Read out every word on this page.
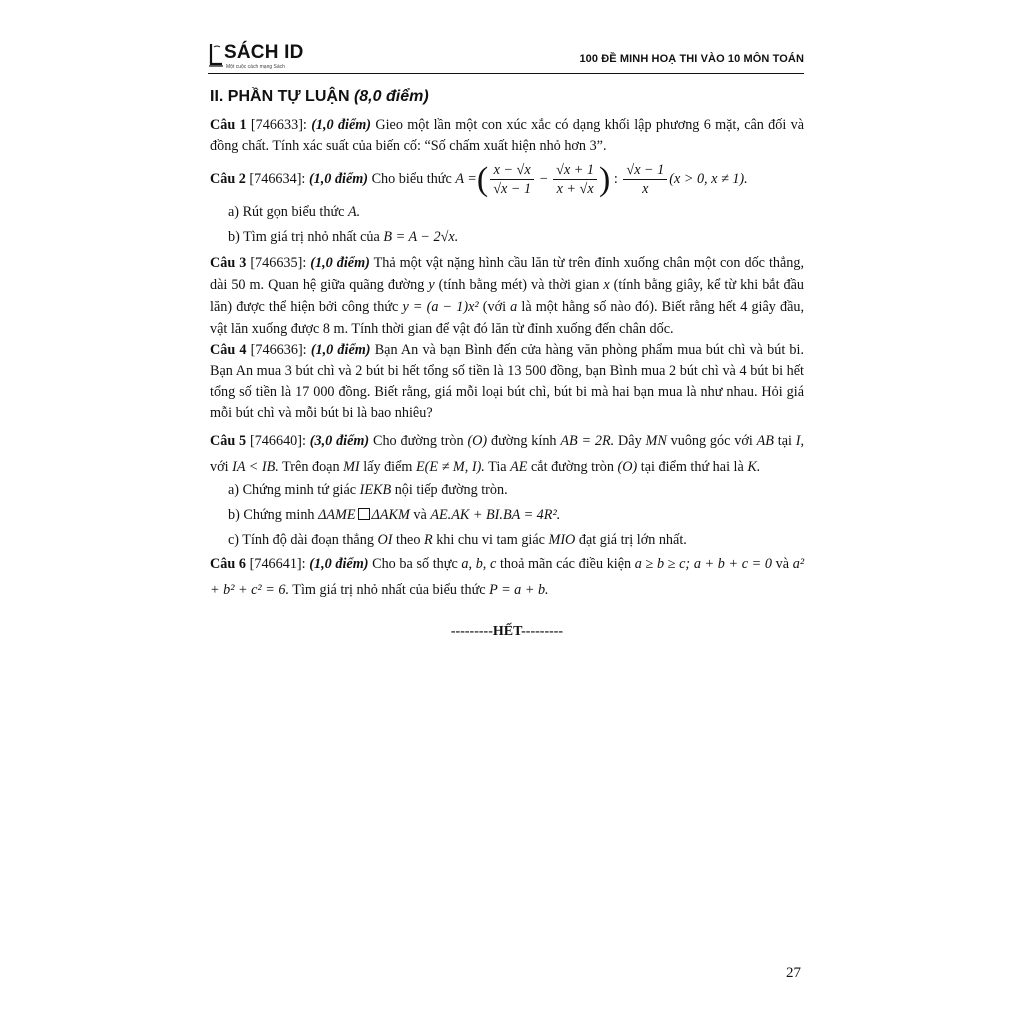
SÁCH ID
Một cuộc cách mạng Sách
100 ĐỀ MINH HOẠ THI VÀO 10 MÔN TOÁN
II. PHẦN TỰ LUẬN (8,0 điểm)

Câu 1 [746633]: (1,0 điểm) Gieo một lần một con xúc xắc có dạng khối lập phương 6 mặt, cân đối và đồng chất. Tính xác suất của biến cố: “Số chấm xuất hiện nhỏ hơn 3”.

Câu 2 [746634]: (1,0 điểm) Cho biểu thức A = ( $\frac{x - √x}{√x - 1} - \frac{√x + 1}{x + √x}$ ) : $\frac{√x - 1}{x} (x > 0$, x ≠ 1).

a) Rút gọn biểu thức A.

b) Tìm giá trị nhỏ nhất của B = A − 2√x.

Câu 3 [746635]: (1,0 điểm) Thả một vật nặng hình cầu lăn từ trên đỉnh xuống chân một con dốc thẳng, dài 50 m. Quan hệ giữa quãng đường y (tính bằng mét) và thời gian x (tính bằng giây, kể từ khi bắt đầu lăn) được thể hiện bởi công thức y = (a − 1)x² (với a là một hằng số nào đó). Biết rằng hết 4 giây đầu, vật lăn xuống được 8 m. Tính thời gian để vật đó lăn từ đỉnh xuống đến chân dốc.

Câu 4 [746636]: (1,0 điểm) Bạn An và bạn Bình đến cửa hàng văn phòng phẩm mua bút chì và bút bi. Bạn An mua 3 bút chì và 2 bút bi hết tổng số tiền là 13 500 đồng, bạn Bình mua 2 bút chì và 4 bút bi hết tổng số tiền là 17 000 đồng. Biết rằng, giá mỗi loại bút chì, bút bi mà hai bạn mua là như nhau. Hỏi giá mỗi bút chì và mỗi bút bi là bao nhiêu?

Câu 5 [746640]: (3,0 điểm) Cho đường tròn (O) đường kính AB = 2R. Dây MN vuông góc với AB tại I, với IA < IB. Trên đoạn MI lấy điểm E(E ≠ M, I). Tia AE cắt đường tròn (O) tại điểm thứ hai là K.

a) Chứng minh tứ giác IEKB nội tiếp đường tròn.

b) Chứng minh ΔAME ΔAKM và AE.AK + BI.BA = 4R².

c) Tính độ dài đoạn thẳng OI theo R khi chu vi tam giác MIO đạt giá trị lớn nhất.

Câu 6 [746641]: (1,0 điểm) Cho ba số thực a, b, c thoả mãn các điều kiện a ≥ b ≥ c; a + b + c = 0 và a² + b² + c² = 6. Tìm giá trị nhỏ nhất của biểu thức P = a + b.

---------HẾT---------
27
